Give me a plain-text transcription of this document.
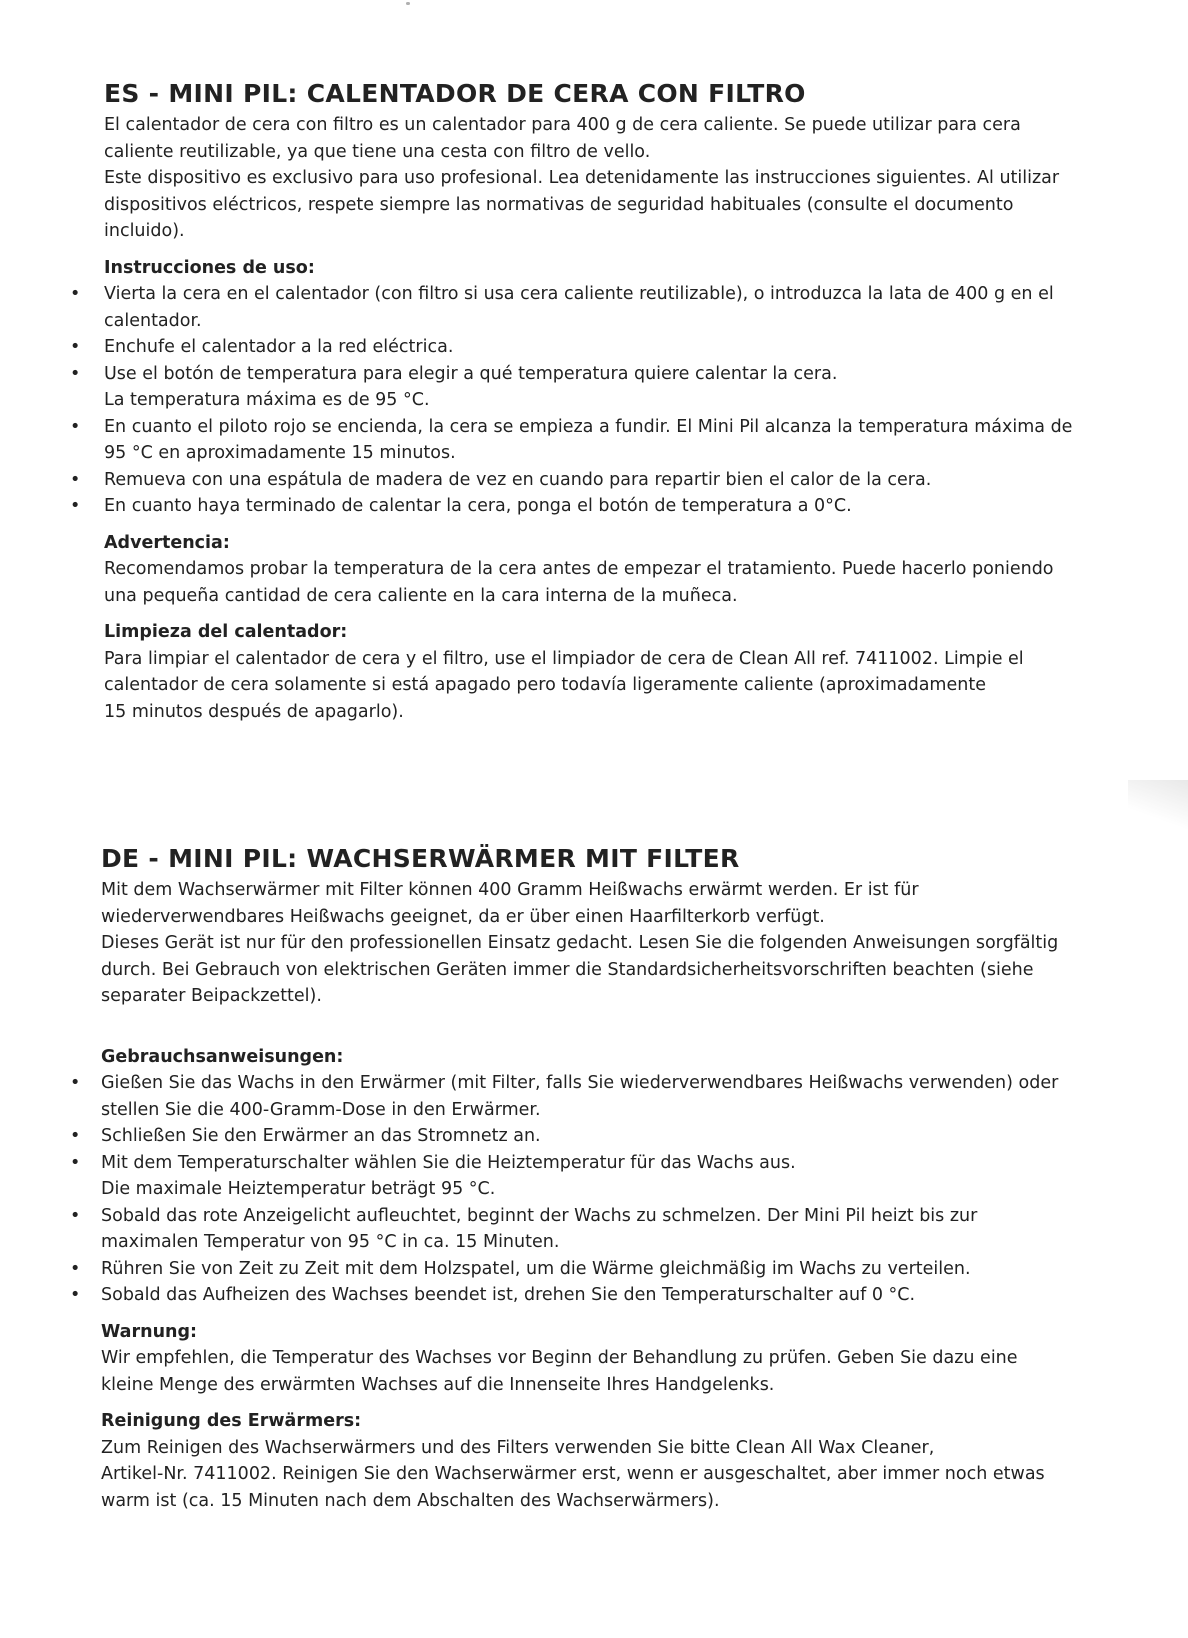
ES - MINI PIL: CALENTADOR DE CERA CON FILTRO

El calentador de cera con filtro es un calentador para 400 g de cera caliente. Se puede utilizar para cera
caliente reutilizable, ya que tiene una cesta con filtro de vello.
Este dispositivo es exclusivo para uso profesional. Lea detenidamente las instrucciones siguientes. Al utilizar
dispositivos eléctricos, respete siempre las normativas de seguridad habituales (consulte el documento
incluido).

Instrucciones de uso:
• Vierta la cera en el calentador (con filtro si usa cera caliente reutilizable), o introduzca la lata de 400 g en el
calentador.
• Enchufe el calentador a la red eléctrica.
• Use el botón de temperatura para elegir a qué temperatura quiere calentar la cera.
La temperatura máxima es de 95 °C.
• En cuanto el piloto rojo se encienda, la cera se empieza a fundir. El Mini Pil alcanza la temperatura máxima de
95 °C en aproximadamente 15 minutos.
• Remueva con una espátula de madera de vez en cuando para repartir bien el calor de la cera.
• En cuanto haya terminado de calentar la cera, ponga el botón de temperatura a 0°C.
Advertencia:

Recomendamos probar la temperatura de la cera antes de empezar el tratamiento. Puede hacerlo poniendo
una pequeña cantidad de cera caliente en la cara interna de la muñeca.

Limpieza del calentador:

Para limpiar el calentador de cera y el filtro, use el limpiador de cera de Clean All ref. 7411002. Limpie el
calentador de cera solamente si está apagado pero todavía ligeramente caliente (aproximadamente
15 minutos después de apagarlo).

DE - MINI PIL: WACHSERWÄRMER MIT FILTER

Mit dem Wachserwärmer mit Filter können 400 Gramm Heißwachs erwärmt werden. Er ist für
wiederverwendbares Heißwachs geeignet, da er über einen Haarfilterkorb verfügt.
Dieses Gerät ist nur für den professionellen Einsatz gedacht. Lesen Sie die folgenden Anweisungen sorgfältig
durch. Bei Gebrauch von elektrischen Geräten immer die Standardsicherheitsvorschriften beachten (siehe
separater Beipackzettel).

Gebrauchsanweisungen:
• Gießen Sie das Wachs in den Erwärmer (mit Filter, falls Sie wiederverwendbares Heißwachs verwenden) oder
stellen Sie die 400-Gramm-Dose in den Erwärmer.
• Schließen Sie den Erwärmer an das Stromnetz an.
• Mit dem Temperaturschalter wählen Sie die Heiztemperatur für das Wachs aus.
Die maximale Heiztemperatur beträgt 95 °C.
• Sobald das rote Anzeigelicht aufleuchtet, beginnt der Wachs zu schmelzen. Der Mini Pil heizt bis zur
maximalen Temperatur von 95 °C in ca. 15 Minuten.
• Rühren Sie von Zeit zu Zeit mit dem Holzspatel, um die Wärme gleichmäßig im Wachs zu verteilen.
• Sobald das Aufheizen des Wachses beendet ist, drehen Sie den Temperaturschalter auf 0 °C.
Warnung:

Wir empfehlen, die Temperatur des Wachses vor Beginn der Behandlung zu prüfen. Geben Sie dazu eine
kleine Menge des erwärmten Wachses auf die Innenseite Ihres Handgelenks.

Reinigung des Erwärmers:

Zum Reinigen des Wachserwärmers und des Filters verwenden Sie bitte Clean All Wax Cleaner,
Artikel-Nr. 7411002. Reinigen Sie den Wachserwärmer erst, wenn er ausgeschaltet, aber immer noch etwas
warm ist (ca. 15 Minuten nach dem Abschalten des Wachserwärmers).
